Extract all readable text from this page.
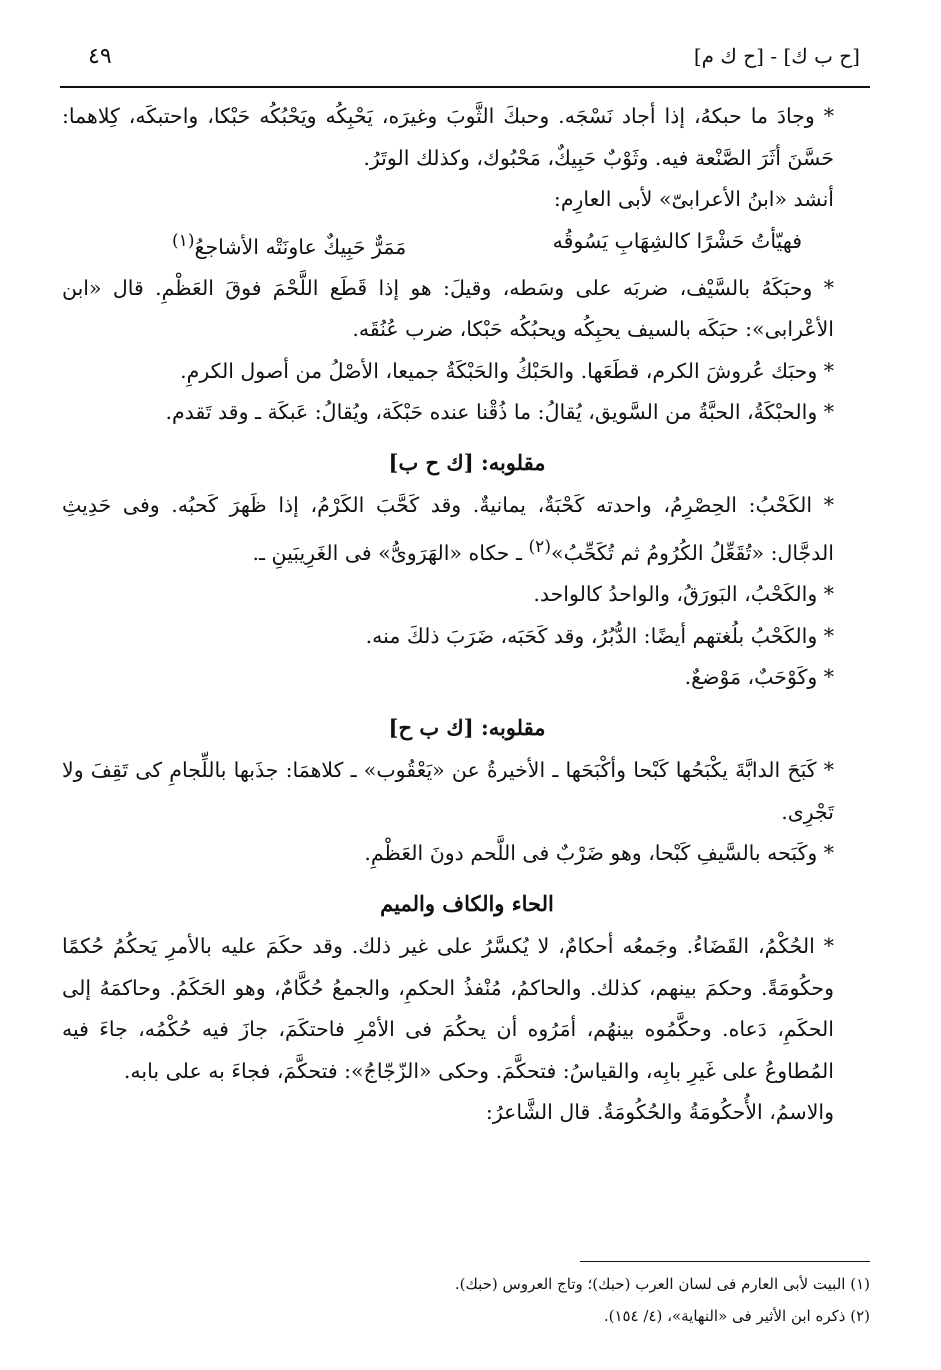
٤٩	[ح ب ك] - [ح ك م]

* وجادَ ما حبكهُ، إذا أجاد نَسْجَه. وحبكَ الثَّوبَ وغيرَه، يَحْبِكُه ويَحْبُكُه حَبْكا، واحتبكَه، كِلاهما: حَسَّنَ أثَرَ الصَّنْعة فيه. وثَوْبٌ حَبِيكٌ، مَحْبُوك، وكذلك الوتَرُ.

أنشد «ابنُ الأعرابىّ» لأبى العارِم:

فهيّأتُ حَشْرًا كالشِهَابِ يَسُوقُه
مَمَرٌّ حَبِيكٌ عاونَتْه الأشاجعُ$^{(١)}$

* وحبَكَهُ بالسَّيْف، ضربَه على وسَطه، وقيلَ: هو إذا قَطَع اللَّحْمَ فوقَ العَظْمِ. قال «ابن الأعْرابى»: حبَكَه بالسيف يحبِكُه ويحبُكُه حَبْكا، ضرب عُنُقَه.

* وحبَك عُروشَ الكرم، قطَعَها. والحَبْكُ والحَبْكَةُ جميعا، الأصْلُ من أصول الكرمِ.

* والحبْكَةُ، الحبَّةُ من السَّويق، يُقالُ: ما ذُقْنا عنده حَبْكَة، ويُقالُ: عَبكَة ـ وقد تَقدم.

مقلوبه: [ك ح ب]

* الكَحْبُ: الحِصْرِمُ، واحدته كَحْبَةٌ، يمانيةٌ. وقد كَحَّبَ الكَرْمُ، إذا ظَهرَ كَحبُه. وفى حَدِيثِ الدجَّال: «تُقَعِّلُ الكُرُومُ ثم تُكَحِّبُ»$^{(٢)}$ ـ حكاه «الهَرَوىُّ» فى الغَرِيبَينِ ـ.

* والكَحْبُ، البَورَقُ، والواحدُ كالواحد.

* والكَحْبُ بلُغتهم أيضًا: الدُّبُرُ، وقد كَحَبَه، ضَرَبَ ذلكَ منه.

* وكَوْحَبٌ، مَوْضعٌ.

مقلوبه: [ك ب ح]

* كَبَحَ الدابَّةَ يكْبَحُها كَبْحا وأكْبَحَها ـ الأخيرةُ عن «يَعْقُوب» ـ كلاهمَا: جذَبها باللِّجامِ كى تَقِفَ ولا تَجْرِى.

* وكَبَحه بالسَّيفِ كَبْحا، وهو ضَرْبٌ فى اللَّحم دونَ العَظْمِ.

الحاء والكاف والميم

* الحُكْمُ، القَضَاءُ. وجَمعُه أحكامٌ، لا يُكسَّرُ على غير ذلك. وقد حكَمَ عليه بالأمرِ يَحكُمُ حُكمًا وحكُومَةً. وحكمَ بينهم، كذلك. والحاكمُ، مُنْفذُ الحكمِ، والجمعُ حُكَّامٌ، وهو الحَكَمُ. وحاكمَهُ إلى الحكَمِ، دَعاه. وحكَّمُوه بينهُم، أمَرُوه أن يحكُمَ فى الأمْرِ فاحتكَمَ، جازَ فيه حُكْمُه، جاءَ فيه المُطاوعُ على غَيرِ بابِه، والقياسُ: فتحكَّمَ. وحكى «الزّجّاجُ»: فتحكَّمَ، فجاءَ به على بابه.

والاسمُ، الأُحكُومَةُ والحُكُومَةُ. قال الشَّاعرُ:

(١) البيت لأبى العارم فى لسان العرب (حبك)؛ وتاج العروس (حبك).

(٢) ذكره ابن الأثير فى «النهاية»، (٤/ ١٥٤).
